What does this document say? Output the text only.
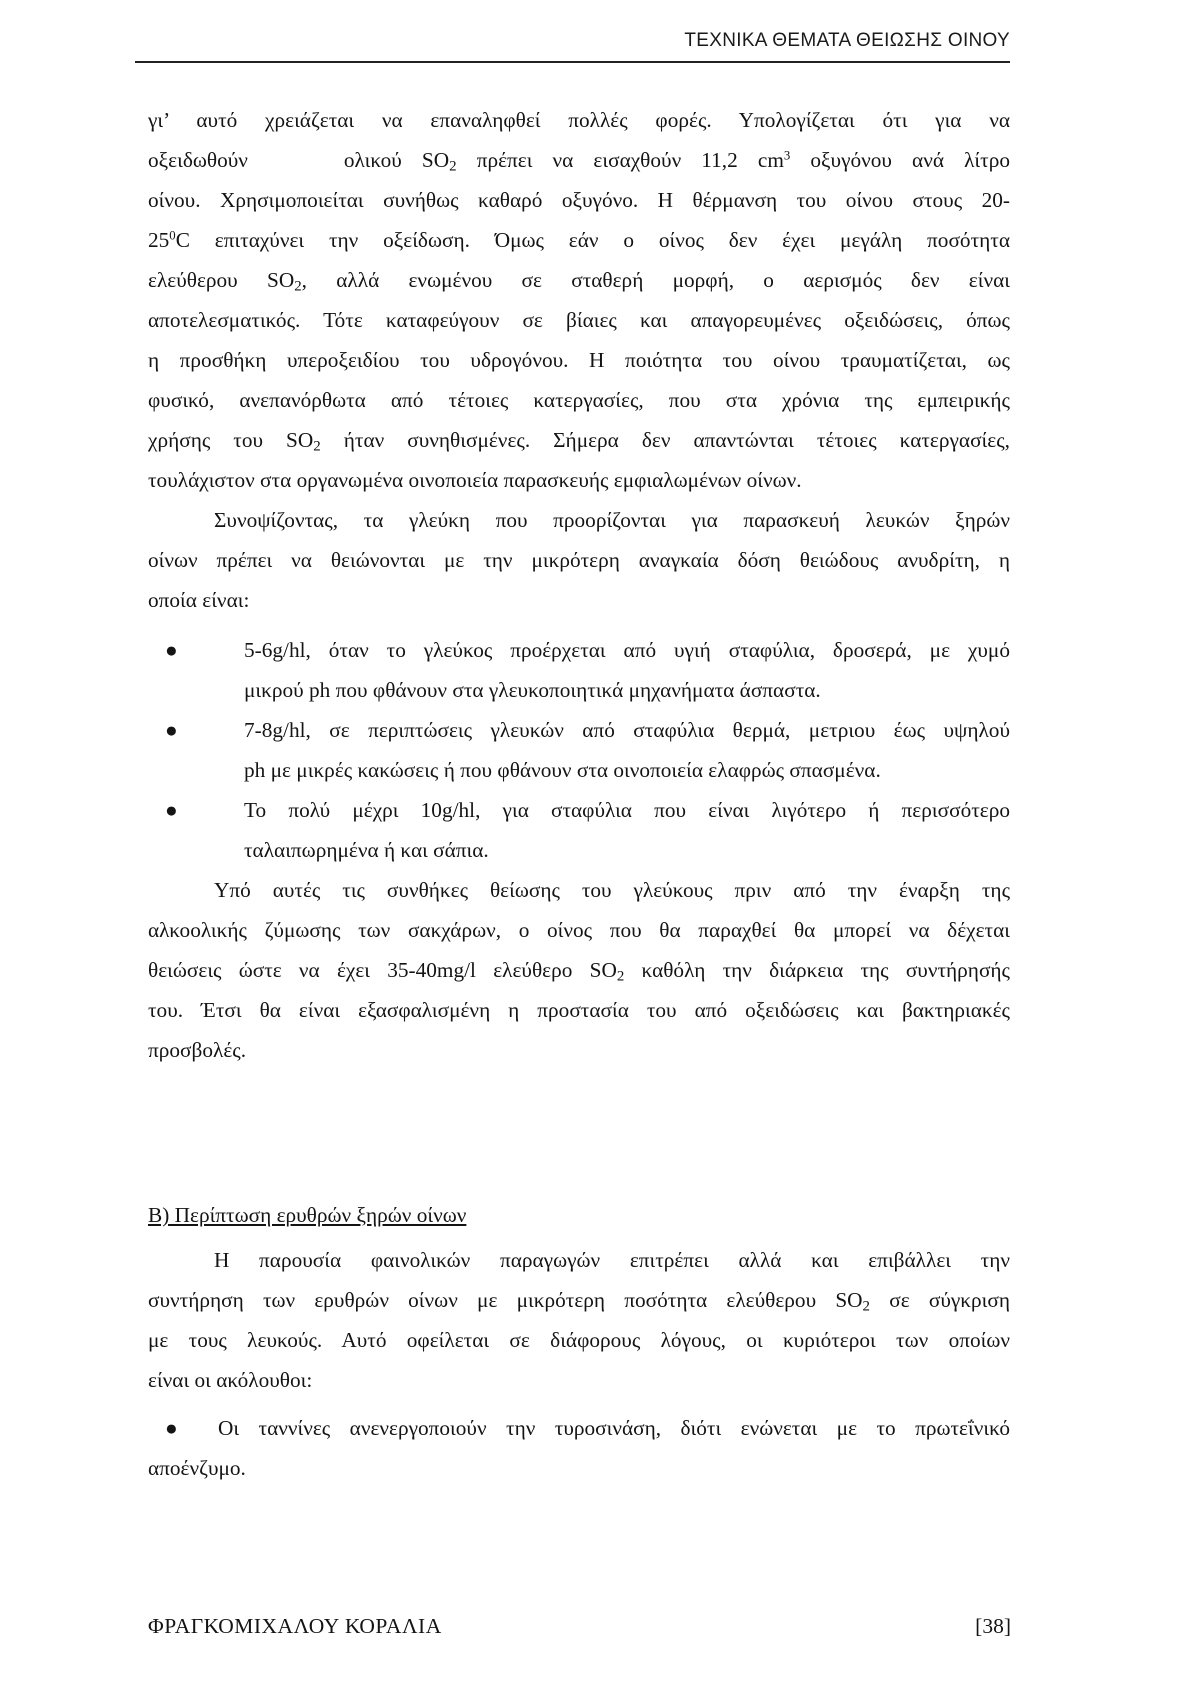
ΤΕΧΝΙΚΑ ΘΕΜΑΤΑ ΘΕΙΩΣΗΣ ΟΙΝΟΥ

γι’ αυτό χρειάζεται να επαναληφθεί πολλές φορές. Υπολογίζεται ότι για να

οξειδωθούν	ολικού $SO_2$ πρέπει να εισαχθούν 11,2 $cm^3$ οξυγόνου ανά λίτρο

οίνου. Χρησιμοποιείται συνήθως καθαρό οξυγόνο. Η θέρμανση του οίνου στους 20-

$25^0C$ επιταχύνει την οξείδωση. Όμως εάν ο οίνος δεν έχει μεγάλη ποσότητα

ελεύθερου $SO_2$, αλλά ενωμένου σε σταθερή μορφή, ο αερισμός δεν είναι

αποτελεσματικός. Τότε καταφεύγουν σε βίαιες και απαγορευμένες οξειδώσεις, όπως

η προσθήκη υπεροξειδίου του υδρογόνου. Η ποιότητα του οίνου τραυματίζεται, ως

φυσικό, ανεπανόρθωτα από τέτοιες κατεργασίες, που στα χρόνια της εμπειρικής

χρήσης του $SO_2$ ήταν συνηθισμένες. Σήμερα δεν απαντώνται τέτοιες κατεργασίες,

τουλάχιστον στα οργανωμένα οινοποιεία παρασκευής εμφιαλωμένων οίνων.

Συνοψίζοντας, τα γλεύκη που προορίζονται για παρασκευή λευκών ξηρών

οίνων πρέπει να θειώνονται με την μικρότερη αναγκαία δόση θειώδους ανυδρίτη, η

οποία είναι:

●	5-6g/hl, όταν το γλεύκος προέρχεται από υγιή σταφύλια, δροσερά, με χυμό

μικρού ph που φθάνουν στα γλευκοποιητικά μηχανήματα άσπαστα.

●	7-8g/hl, σε περιπτώσεις γλευκών από σταφύλια θερμά, μετριου έως υψηλού

ph με μικρές κακώσεις ή που φθάνουν στα οινοποιεία ελαφρώς σπασμένα.

●	Το πολύ μέχρι 10g/hl, για σταφύλια που είναι λιγότερο ή περισσότερο

ταλαιπωρημένα ή και σάπια.

Υπό αυτές τις συνθήκες θείωσης του γλεύκους πριν από την έναρξη της

αλκοολικής ζύμωσης των σακχάρων, ο οίνος που θα παραχθεί θα μπορεί να δέχεται

θειώσεις ώστε να έχει 35-40mg/l ελεύθερο $SO_2$ καθόλη την διάρκεια της συντήρησής

του. Έτσι θα είναι εξασφαλισμένη η προστασία του από οξειδώσεις και βακτηριακές

προσβολές.

Β) Περίπτωση ερυθρών ξηρών οίνων

Η παρουσία φαινολικών παραγωγών επιτρέπει αλλά και επιβάλλει την

συντήρηση των ερυθρών οίνων με μικρότερη ποσότητα ελεύθερου $SO_2$ σε σύγκριση

με τους λευκούς. Αυτό οφείλεται σε διάφορους λόγους, οι κυριότεροι των οποίων

είναι οι ακόλουθοι:

● Οι ταννίνες ανενεργοποιούν την τυροσινάση, διότι ενώνεται με το πρωτεΐνικό

αποένζυμο.

ΦΡΑΓΚΟΜΙΧΑΛΟΥ ΚΟΡΑΛΙΑ	[38]
